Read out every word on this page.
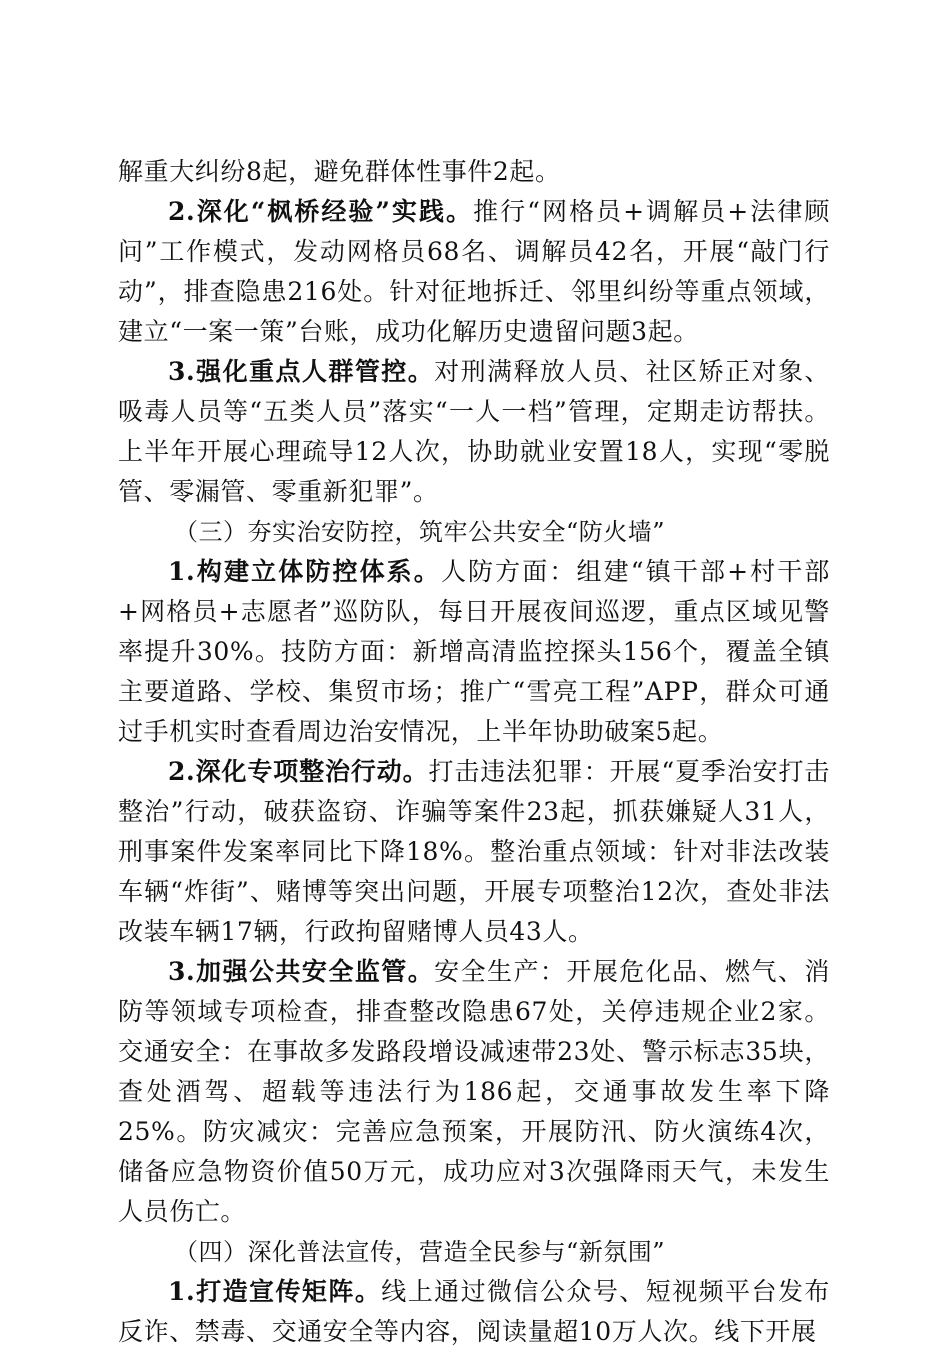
解重大纠纷8起，避免群体性事件2起。

2.深化“枫桥经验”实践。推行“网格员+调解员+法律顾问”工作模式，发动网格员68名、调解员42名，开展“敲门行动”，排查隐患216处。针对征地拆迁、邻里纠纷等重点领域，建立“一案一策”台账，成功化解历史遗留问题3起。

3.强化重点人群管控。对刑满释放人员、社区矫正对象、吸毒人员等“五类人员”落实“一人一档”管理，定期走访帮扶。上半年开展心理疏导12人次，协助就业安置18人，实现“零脱管、零漏管、零重新犯罪”。

（三）夯实治安防控，筑牢公共安全“防火墙”

1.构建立体防控体系。人防方面：组建“镇干部+村干部+网格员+志愿者”巡防队，每日开展夜间巡逻，重点区域见警率提升30%。技防方面：新增高清监控探头156个，覆盖全镇主要道路、学校、集贸市场；推广“雪亮工程”APP，群众可通过手机实时查看周边治安情况，上半年协助破案5起。

2.深化专项整治行动。打击违法犯罪：开展“夏季治安打击整治”行动，破获盗窃、诈骗等案件23起，抓获嫌疑人31人，刑事案件发案率同比下降18%。整治重点领域：针对非法改装车辆“炸街”、赌博等突出问题，开展专项整治12次，查处非法改装车辆17辆，行政拘留赌博人员43人。

3.加强公共安全监管。安全生产：开展危化品、燃气、消防等领域专项检查，排查整改隐患67处，关停违规企业2家。交通安全：在事故多发路段增设减速带23处、警示标志35块，查处酒驾、超载等违法行为186起，交通事故发生率下降25%。防灾减灾：完善应急预案，开展防汛、防火演练4次，储备应急物资价值50万元，成功应对3次强降雨天气，未发生人员伤亡。

（四）深化普法宣传，营造全民参与“新氛围”

1.打造宣传矩阵。线上通过微信公众号、短视频平台发布反诈、禁毒、交通安全等内容，阅读量超10万人次。线下开展
